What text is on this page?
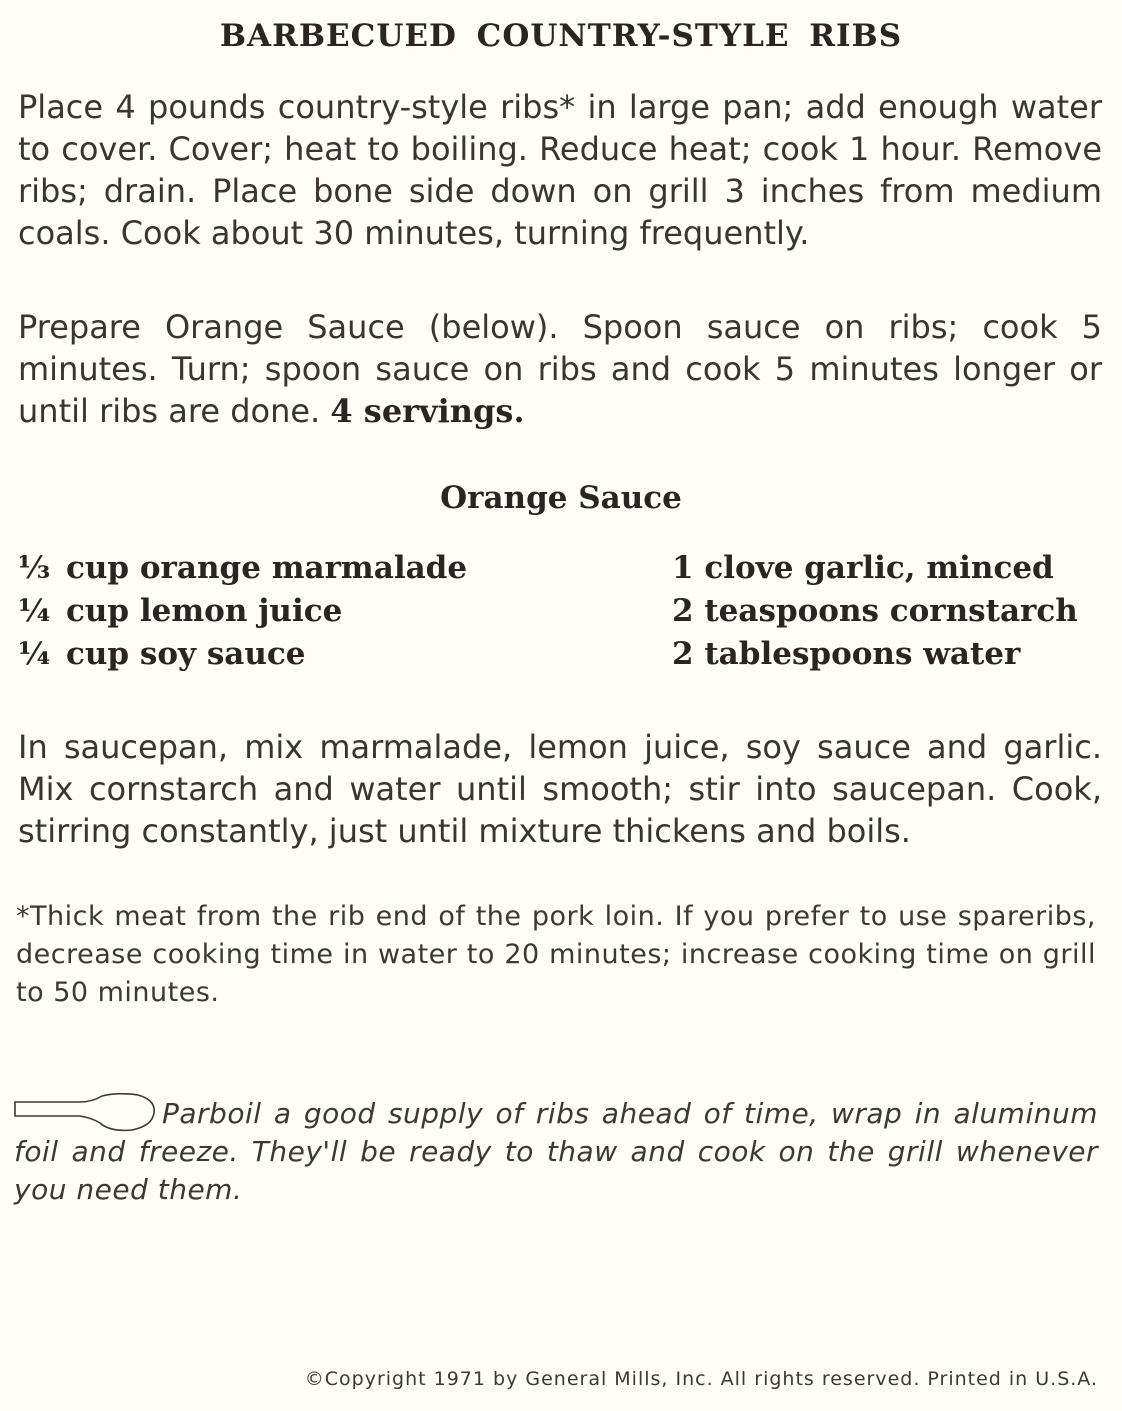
BARBECUED COUNTRY-STYLE RIBS

Place 4 pounds country-style ribs* in large pan; add enough water to cover. Cover; heat to boiling. Reduce heat; cook 1 hour. Remove ribs; drain. Place bone side down on grill 3 inches from medium coals. Cook about 30 minutes, turning frequently.

Prepare Orange Sauce (below). Spoon sauce on ribs; cook 5 minutes. Turn; spoon sauce on ribs and cook 5 minutes longer or until ribs are done. 4 servings.

Orange Sauce
⅓ cup orange marmalade
¼ cup lemon juice
¼ cup soy sauce
1 clove garlic, minced
2 teaspoons cornstarch
2 tablespoons water

In saucepan, mix marmalade, lemon juice, soy sauce and garlic. Mix cornstarch and water until smooth; stir into saucepan. Cook, stirring constantly, just until mixture thickens and boils.

*Thick meat from the rib end of the pork loin. If you prefer to use spareribs, decrease cooking time in water to 20 minutes; increase cooking time on grill to 50 minutes.

Parboil a good supply of ribs ahead of time, wrap in aluminum foil and freeze. They'll be ready to thaw and cook on the grill whenever you need them.

©Copyright 1971 by General Mills, Inc. All rights reserved. Printed in U.S.A.
